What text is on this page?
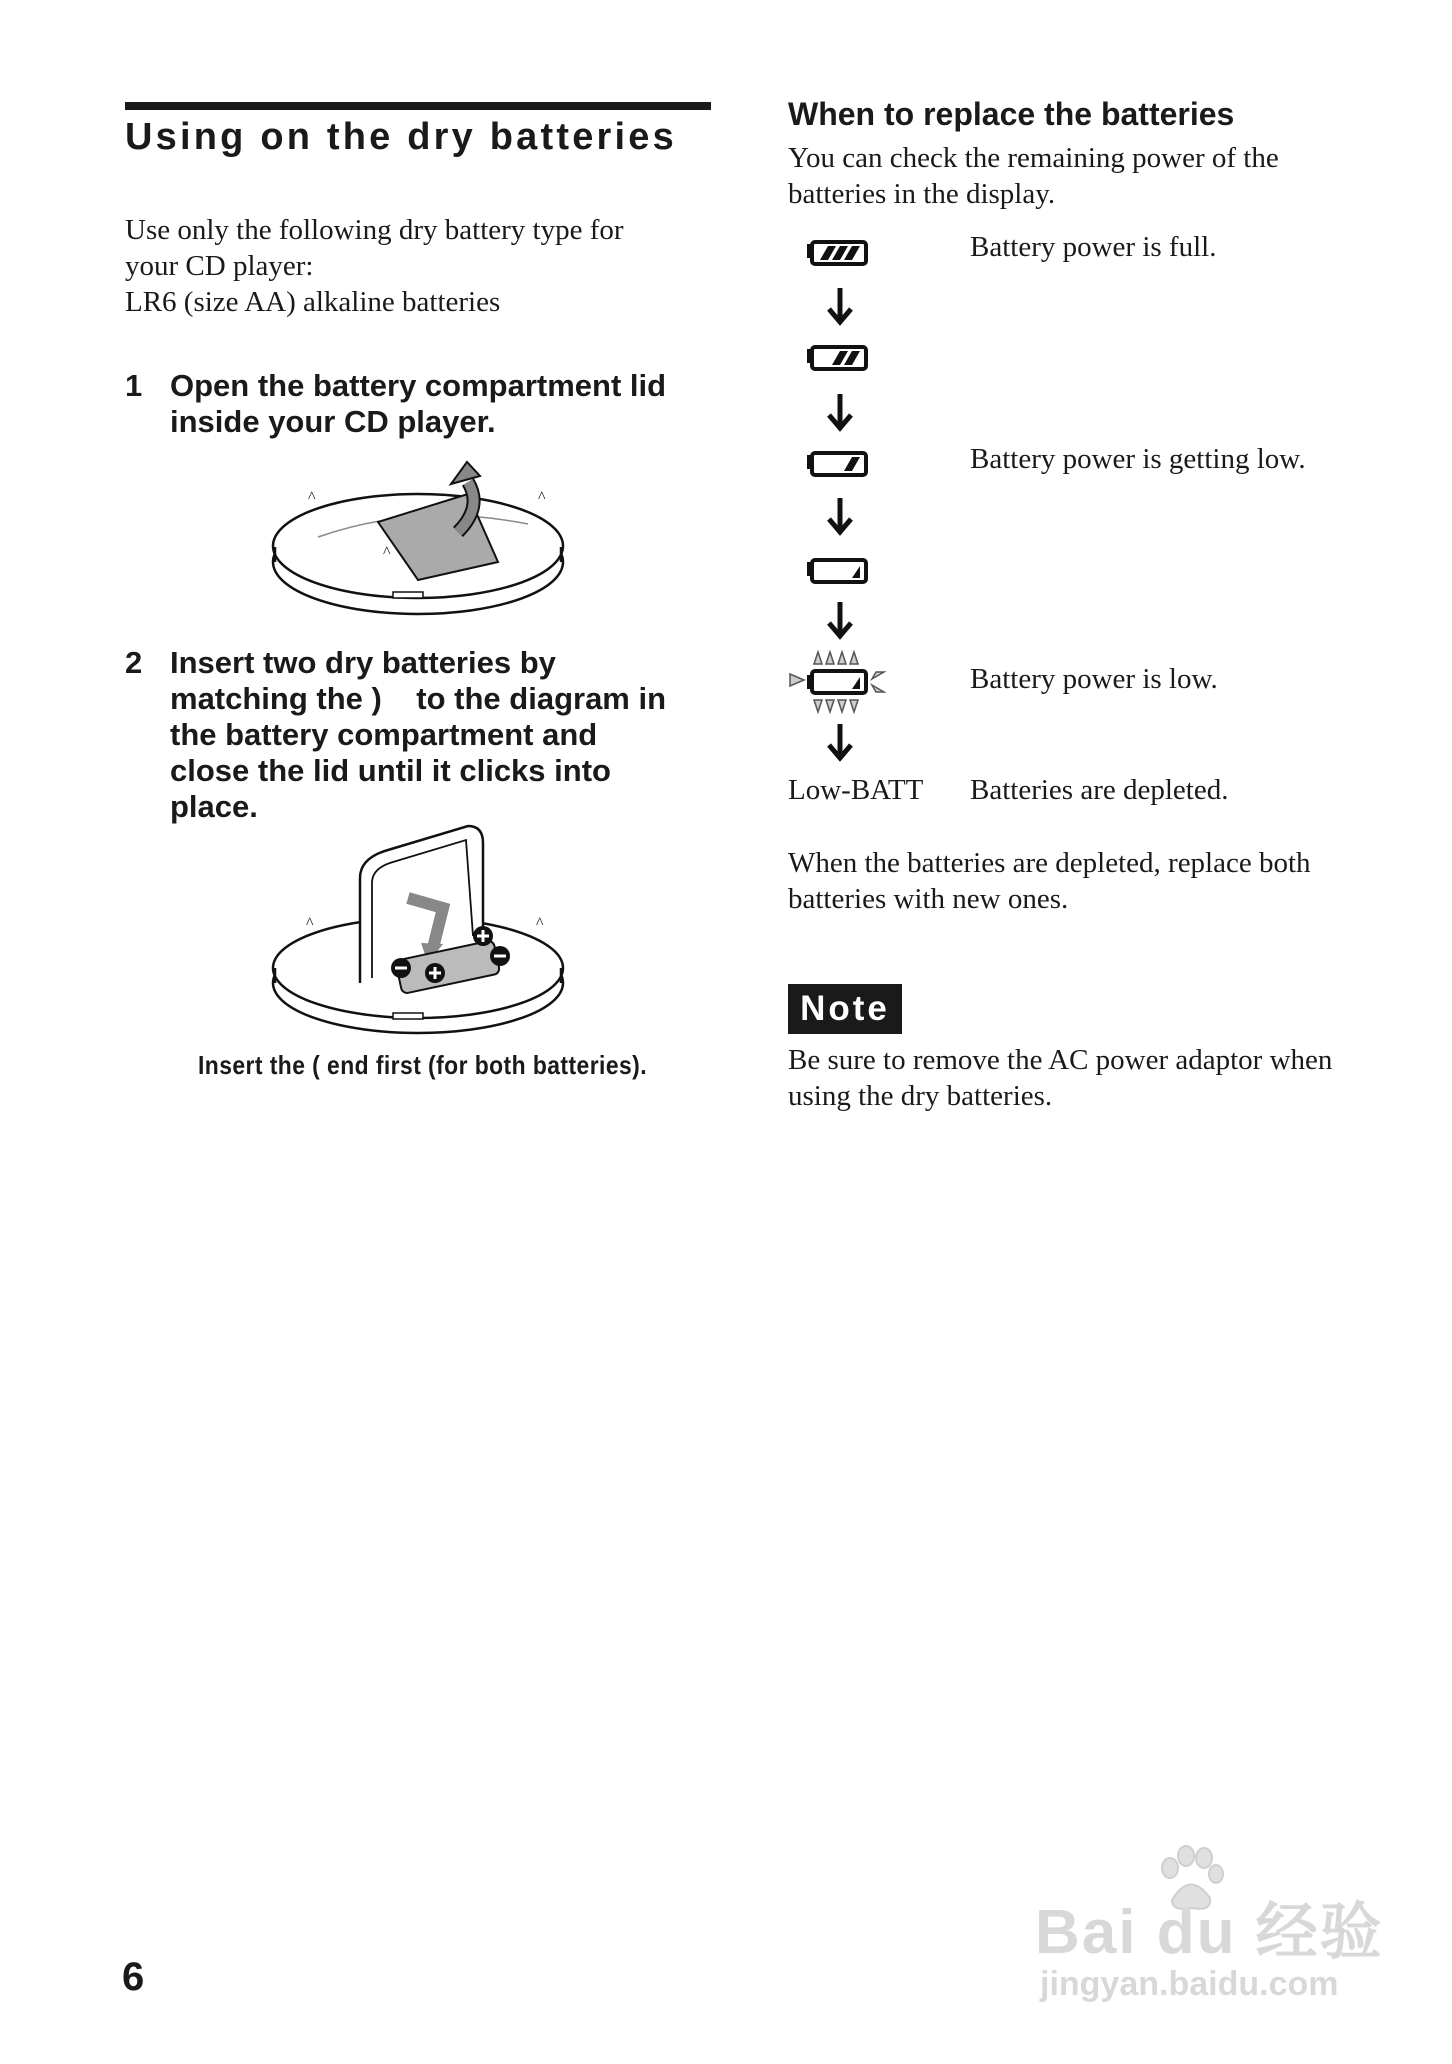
Using on the dry batteries
Use only the following dry battery type for
your CD player:
LR6 (size AA) alkaline batteries
1 Open the battery compartment lid
inside your CD player.
^	^
^
2 Insert two dry batteries by
matching the )    to the diagram in
the battery compartment and
close the lid until it clicks into
place.
^	^
Insert the ( end first (for both batteries).
When to replace the batteries
You can check the remaining power of the
batteries in the display.
Battery power is full.
Battery power is getting low.
Battery power is low.
Low-BATT Batteries are depleted.
When the batteries are depleted, replace both
batteries with new ones.
Note
Be sure to remove the AC power adaptor when
using the dry batteries.
6
Bai du 经验
jingyan.baidu.com
